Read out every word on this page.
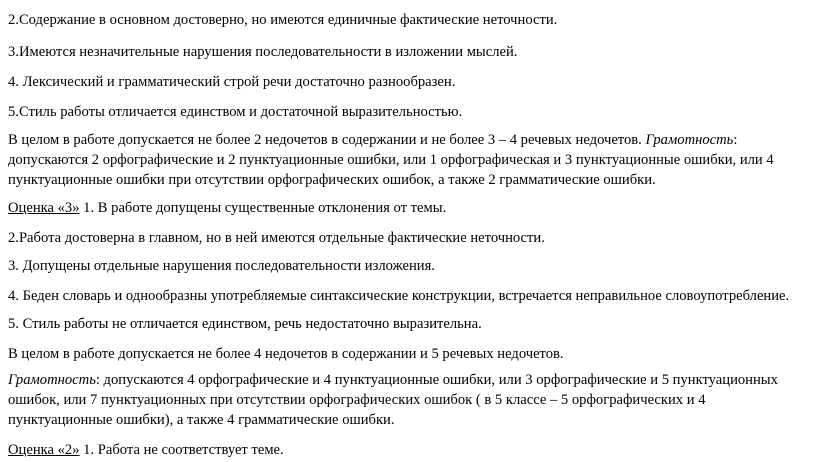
2.Содержание в основном достоверно, но имеются единичные фактические неточности.

3.Имеются незначительные нарушения последовательности в изложении мыслей.

4. Лексический и грамматический строй речи достаточно разнообразен.

5.Стиль работы отличается единством и достаточной выразительностью.

В целом в работе допускается не более 2 недочетов в содержании и не более 3 – 4 речевых недочетов. Грамотность: допускаются 2 орфографические и 2 пунктуационные ошибки, или 1 орфографическая и 3 пунктуационные ошибки, или 4 пунктуационные ошибки при отсутствии орфографических ошибок, а также 2 грамматические ошибки.

Оценка «3» 1. В работе допущены существенные отклонения от темы.

2.Работа достоверна в главном, но в ней имеются отдельные фактические неточности.

3. Допущены отдельные нарушения последовательности изложения.

4. Беден словарь и однообразны употребляемые синтаксические конструкции, встречается неправильное словоупотребление.

5. Стиль работы не отличается единством, речь недостаточно выразительна.

В целом в работе допускается не более 4 недочетов в содержании и 5 речевых недочетов.

Грамотность: допускаются 4 орфографические и 4 пунктуационные ошибки, или 3 орфографические и 5 пунктуационных ошибок, или 7 пунктуационных при отсутствии орфографических ошибок ( в 5 классе – 5 орфографических и 4 пунктуационные ошибки), а также 4 грамматические ошибки.

Оценка «2» 1. Работа не соответствует теме.
